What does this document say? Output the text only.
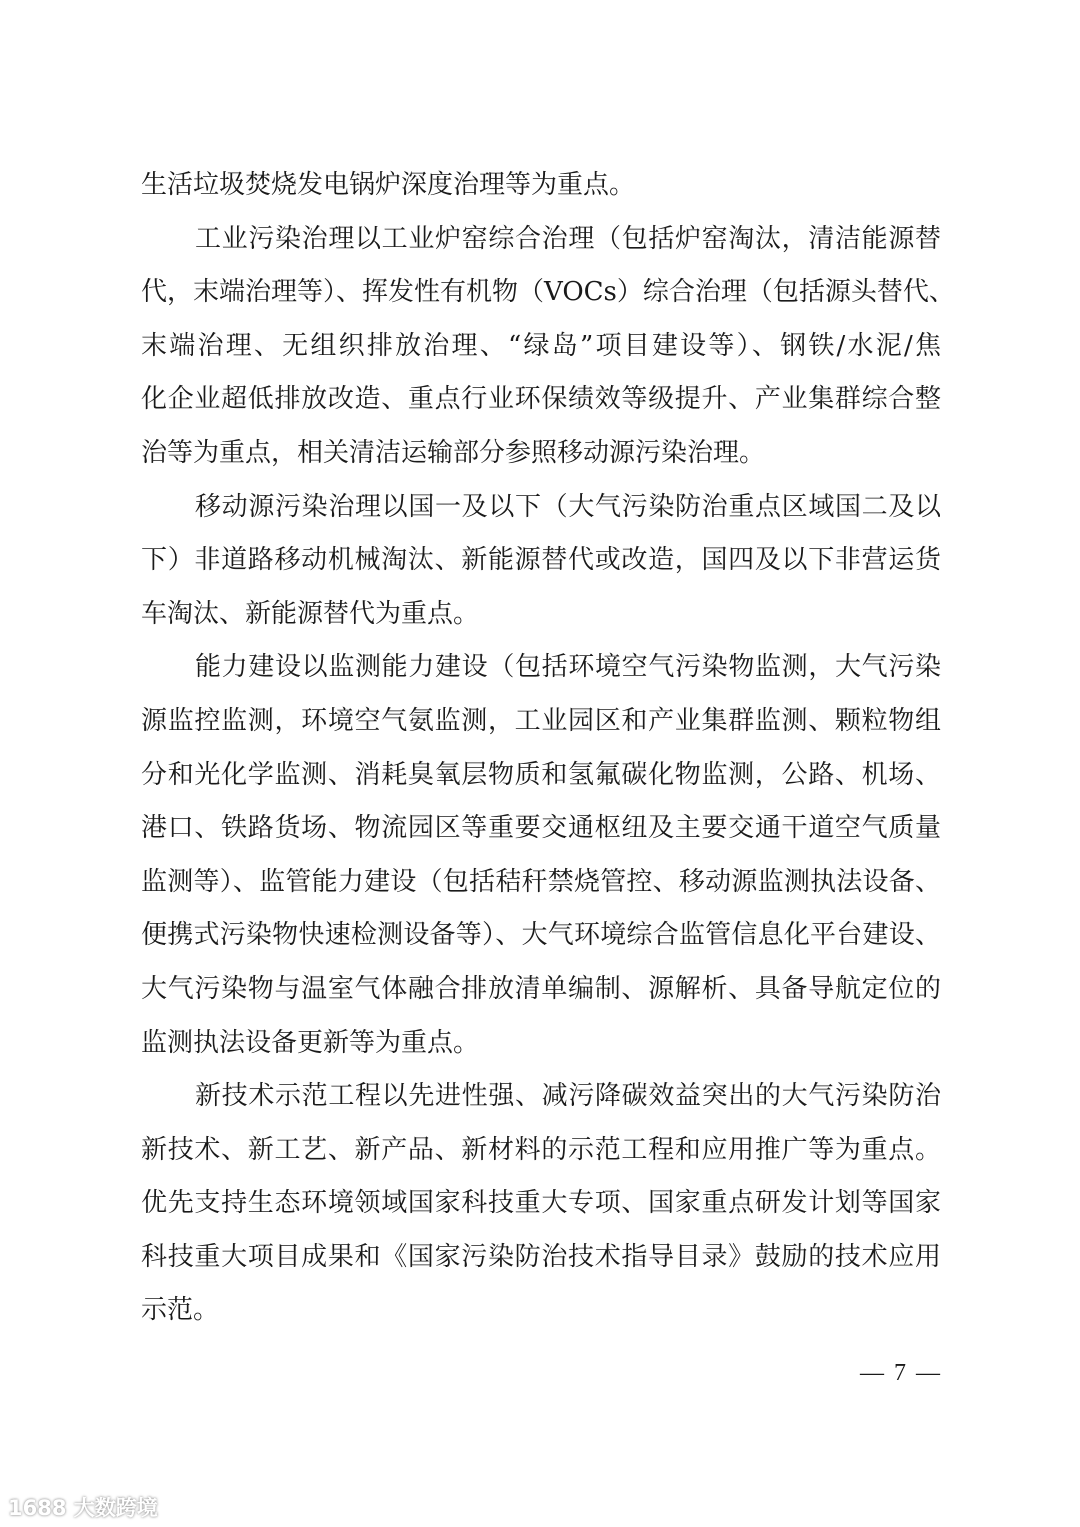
生活垃圾焚烧发电锅炉深度治理等为重点。
工业污染治理以工业炉窑综合治理（包括炉窑淘汰，清洁能源替
代，末端治理等）、挥发性有机物（VOCs）综合治理（包括源头替代、
末端治理、无组织排放治理、“绿岛”项目建设等）、钢铁/水泥/焦
化企业超低排放改造、重点行业环保绩效等级提升、产业集群综合整
治等为重点，相关清洁运输部分参照移动源污染治理。
移动源污染治理以国一及以下（大气污染防治重点区域国二及以
下）非道路移动机械淘汰、新能源替代或改造，国四及以下非营运货
车淘汰、新能源替代为重点。
能力建设以监测能力建设（包括环境空气污染物监测，大气污染
源监控监测，环境空气氨监测，工业园区和产业集群监测、颗粒物组
分和光化学监测、消耗臭氧层物质和氢氟碳化物监测，公路、机场、
港口、铁路货场、物流园区等重要交通枢纽及主要交通干道空气质量
监测等）、监管能力建设（包括秸秆禁烧管控、移动源监测执法设备、
便携式污染物快速检测设备等）、大气环境综合监管信息化平台建设、
大气污染物与温室气体融合排放清单编制、源解析、具备导航定位的
监测执法设备更新等为重点。
新技术示范工程以先进性强、减污降碳效益突出的大气污染防治
新技术、新工艺、新产品、新材料的示范工程和应用推广等为重点。
优先支持生态环境领域国家科技重大专项、国家重点研发计划等国家
科技重大项目成果和《国家污染防治技术指导目录》鼓励的技术应用
示范。
— 7 —
1688 大数跨境
